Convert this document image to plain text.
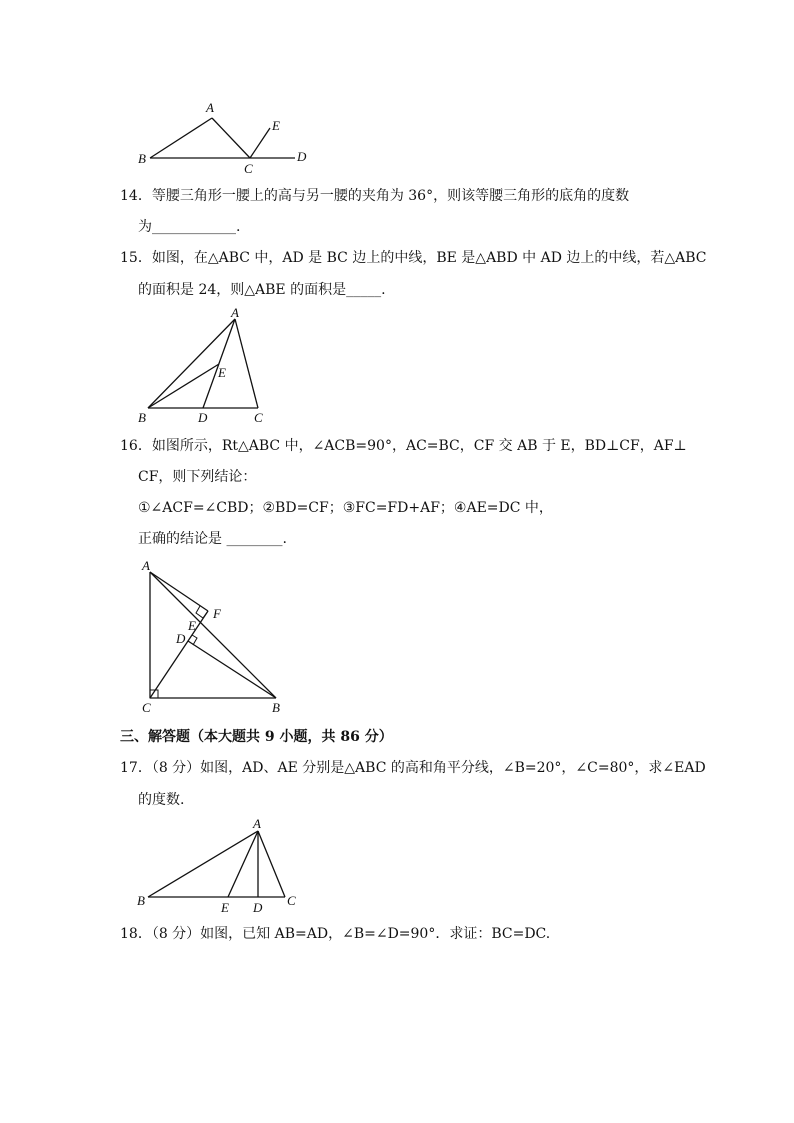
A
B
C
D
E
14．等腰三角形一腰上的高与另一腰的夹角为 36°，则该等腰三角形的底角的度数
为____________.
15．如图，在△ABC 中，AD 是 BC 边上的中线，BE 是△ABD 中 AD 边上的中线，若△ABC
的面积是 24，则△ABE 的面积是_____.
A
B	C
D
E
16．如图所示，Rt△ABC 中，∠ACB=90°，AC=BC，CF 交 AB 于 E，BD⊥CF，AF⊥
CF，则下列结论：
①∠ACF=∠CBD；②BD=CF；③FC=FD+AF；④AE=DC 中，
正确的结论是 ________.
A
B
C
D
E
F
三、解答题（本大题共 9 小题，共 86 分）
17．（8 分）如图，AD、AE 分别是△ABC 的高和角平分线，∠B=20°，∠C=80°，求∠EAD
的度数.
A
B	C
D
E
18．（8 分）如图，已知 AB=AD，∠B=∠D=90°．求证：BC=DC.
